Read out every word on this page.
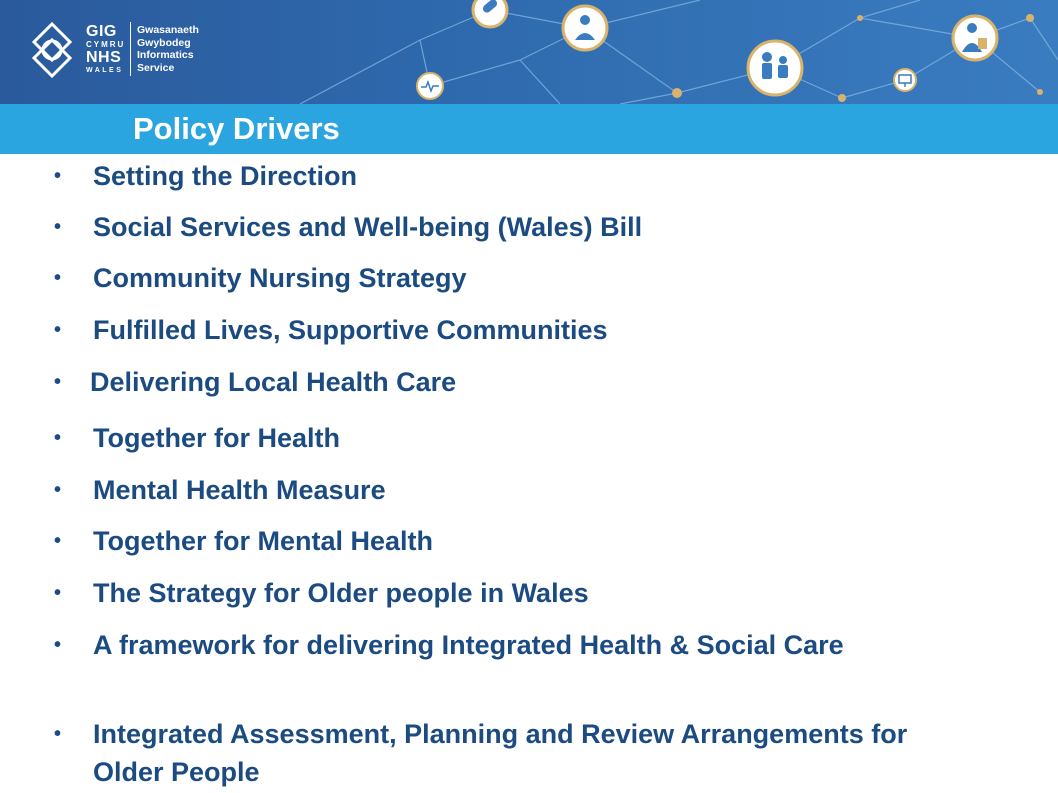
GIG
CYMRU
NHS
WALES
Gwasanaeth
Gwybodeg
Informatics
Service
Policy Drivers
• Setting the Direction
• Social Services and Well-being (Wales) Bill
• Community Nursing Strategy
• Fulfilled Lives, Supportive Communities
• Delivering Local Health Care
• Together for Health
• Mental Health Measure
• Together for Mental Health
• The Strategy for Older people in Wales
• A framework for delivering Integrated Health & Social Care
• Integrated Assessment, Planning and Review Arrangements for Older People
